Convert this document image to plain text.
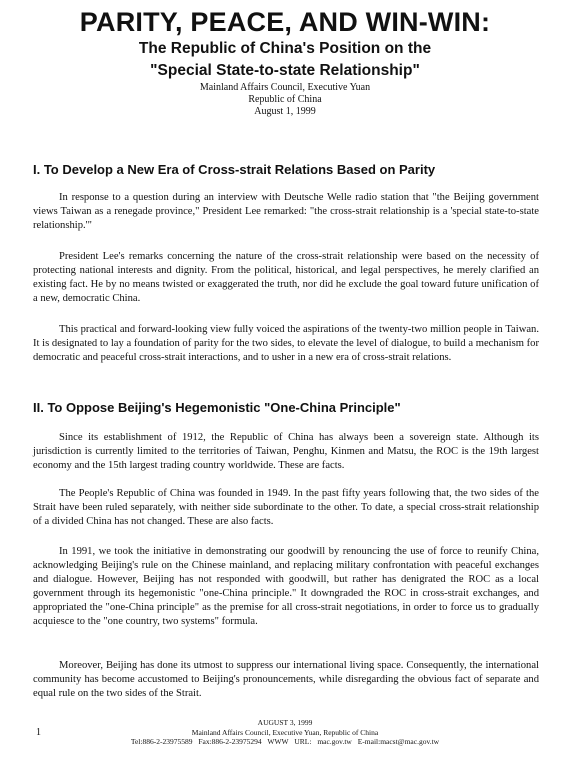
PARITY, PEACE, AND WIN-WIN:
The Republic of China's Position on the
"Special State-to-state Relationship"
Mainland Affairs Council, Executive Yuan
Republic of China
August 1, 1999
I. To Develop a New Era of Cross-strait Relations Based on Parity
In response to a question during an interview with Deutsche Welle radio station that "the Beijing government views Taiwan as a renegade province," President Lee remarked: "the cross-strait relationship is a 'special state-to-state relationship.'"
President Lee's remarks concerning the nature of the cross-strait relationship were based on the necessity of protecting national interests and dignity. From the political, historical, and legal perspectives, he merely clarified an existing fact. He by no means twisted or exaggerated the truth, nor did he exclude the goal toward future unification of a new, democratic China.
This practical and forward-looking view fully voiced the aspirations of the twenty-two million people in Taiwan. It is designated to lay a foundation of parity for the two sides, to elevate the level of dialogue, to build a mechanism for democratic and peaceful cross-strait interactions, and to usher in a new era of cross-strait relations.
II. To Oppose Beijing's Hegemonistic "One-China Principle"
Since its establishment of 1912, the Republic of China has always been a sovereign state. Although its jurisdiction is currently limited to the territories of Taiwan, Penghu, Kinmen and Matsu, the ROC is the 19th largest economy and the 15th largest trading country worldwide. These are facts.
The People's Republic of China was founded in 1949. In the past fifty years following that, the two sides of the Strait have been ruled separately, with neither side subordinate to the other. To date, a special cross-strait relationship of a divided China has not changed. These are also facts.
In 1991, we took the initiative in demonstrating our goodwill by renouncing the use of force to reunify China, acknowledging Beijing's rule on the Chinese mainland, and replacing military confrontation with peaceful exchanges and dialogue. However, Beijing has not responded with goodwill, but rather has denigrated the ROC as a local government through its hegemonistic "one-China principle." It downgraded the ROC in cross-strait exchanges, and appropriated the "one-China principle" as the premise for all cross-strait negotiations, in order to force us to gradually acquiesce to the "one country, two systems" formula.
Moreover, Beijing has done its utmost to suppress our international living space. Consequently, the international community has become accustomed to Beijing's pronouncements, while disregarding the obvious fact of separate and equal rule on the two sides of the Strait.
1
AUGUST 3, 1999
Mainland Affairs Council, Executive Yuan, Republic of China
Tel:886-2-23975589 Fax:886-2-23975294 WWW URL: mac.gov.tw E-mail:macst@mac.gov.tw
